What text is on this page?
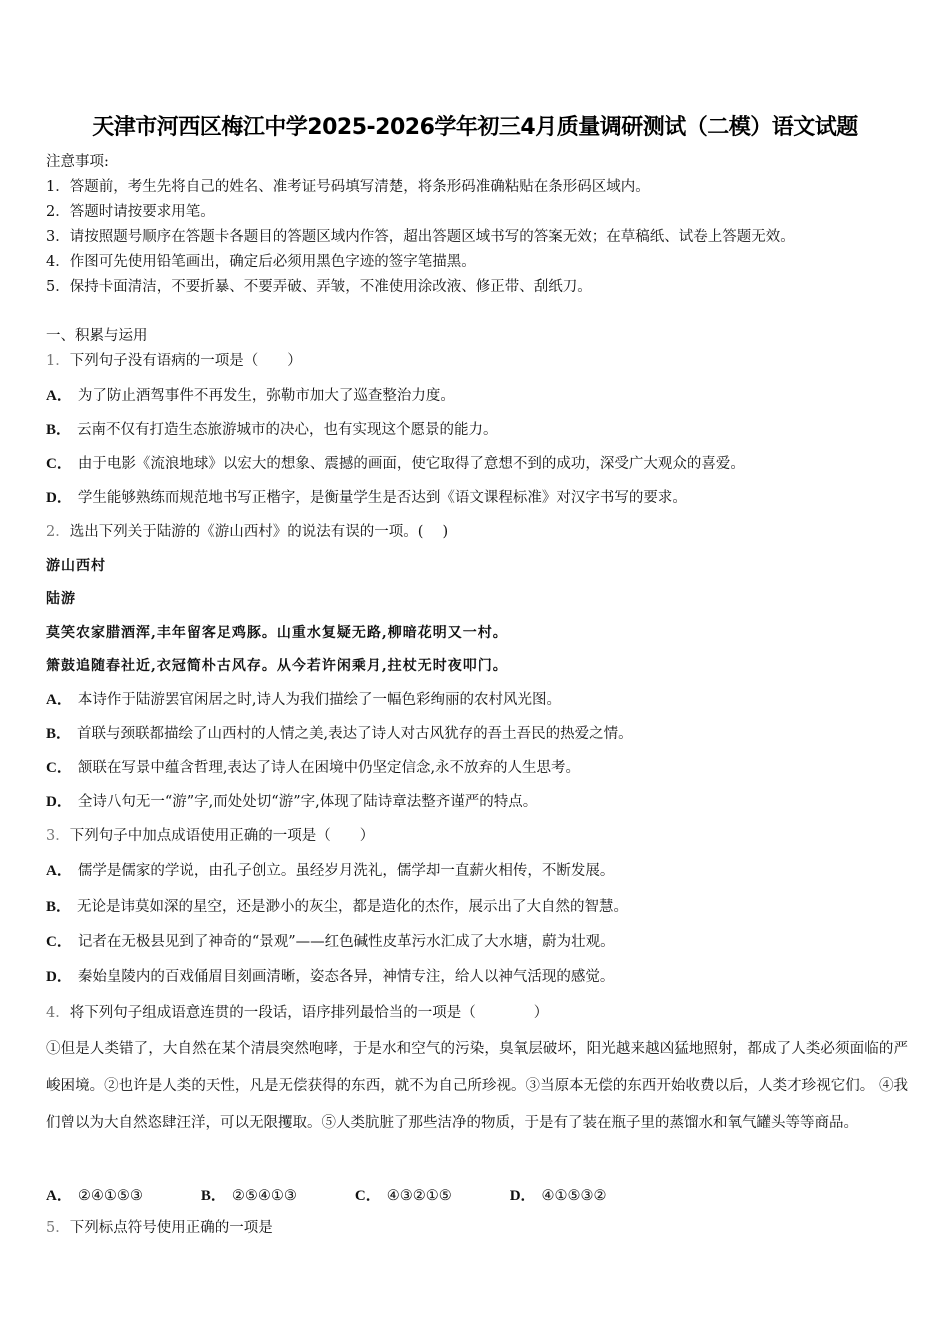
天津市河西区梅江中学2025-2026学年初三4月质量调研测试（二模）语文试题
注意事项:
1．答题前，考生先将自己的姓名、准考证号码填写清楚，将条形码准确粘贴在条形码区域内。
2．答题时请按要求用笔。
3．请按照题号顺序在答题卡各题目的答题区域内作答，超出答题区域书写的答案无效；在草稿纸、试卷上答题无效。
4．作图可先使用铅笔画出，确定后必须用黑色字迹的签字笔描黑。
5．保持卡面清洁，不要折暴、不要弄破、弄皱，不准使用涂改液、修正带、刮纸刀。
一、积累与运用
1．下列句子没有语病的一项是（　　）
A． 为了防止酒驾事件不再发生，弥勒市加大了巡查整治力度。
B． 云南不仅有打造生态旅游城市的决心，也有实现这个愿景的能力。
C． 由于电影《流浪地球》以宏大的想象、震撼的画面，使它取得了意想不到的成功，深受广大观众的喜爱。
D． 学生能够熟练而规范地书写正楷字，是衡量学生是否达到《语文课程标准》对汉字书写的要求。
2．选出下列关于陆游的《游山西村》的说法有误的一项。(　 )
游山西村
陆游
莫笑农家腊酒浑,丰年留客足鸡豚。山重水复疑无路,柳暗花明又一村。
箫鼓追随春社近,衣冠简朴古风存。从今若许闲乘月,拄杖无时夜叩门。
A． 本诗作于陆游罢官闲居之时,诗人为我们描绘了一幅色彩绚丽的农村风光图。
B． 首联与颈联都描绘了山西村的人情之美,表达了诗人对古风犹存的吾土吾民的热爱之情。
C． 颔联在写景中蕴含哲理,表达了诗人在困境中仍坚定信念,永不放弃的人生思考。
D． 全诗八句无一“游”字,而处处切“游”字,体现了陆诗章法整齐谨严的特点。
3．下列句子中加点成语使用正确的一项是（　　）
A． 儒学是儒家的学说，由孔子创立。虽经岁月洗礼，儒学却一直薪火相传，不断发展。
B． 无论是讳莫如深的星空，还是渺小的灰尘，都是造化的杰作，展示出了大自然的智慧。
C． 记者在无极县见到了神奇的“景观”——红色碱性皮革污水汇成了大水塘，蔚为壮观。
D． 秦始皇陵内的百戏俑眉目刻画清晰，姿态各异，神情专注，给人以神气活现的感觉。
4．将下列句子组成语意连贯的一段话，语序排列最恰当的一项是（　　　　）
①但是人类错了，大自然在某个清晨突然咆哮，于是水和空气的污染，臭氧层破坏，阳光越来越凶猛地照射，都成了人类必须面临的严峻困境。②也许是人类的天性，凡是无偿获得的东西，就不为自己所珍视。③当原本无偿的东西开始收费以后，人类才珍视它们。 ④我们曾以为大自然恣肆汪洋，可以无限攫取。⑤人类肮脏了那些洁净的物质，于是有了装在瓶子里的蒸馏水和氧气罐头等等商品。
A． ②④①⑤③	B． ②⑤④①③	C． ④③②①⑤	D． ④①⑤③②
5．下列标点符号使用正确的一项是
